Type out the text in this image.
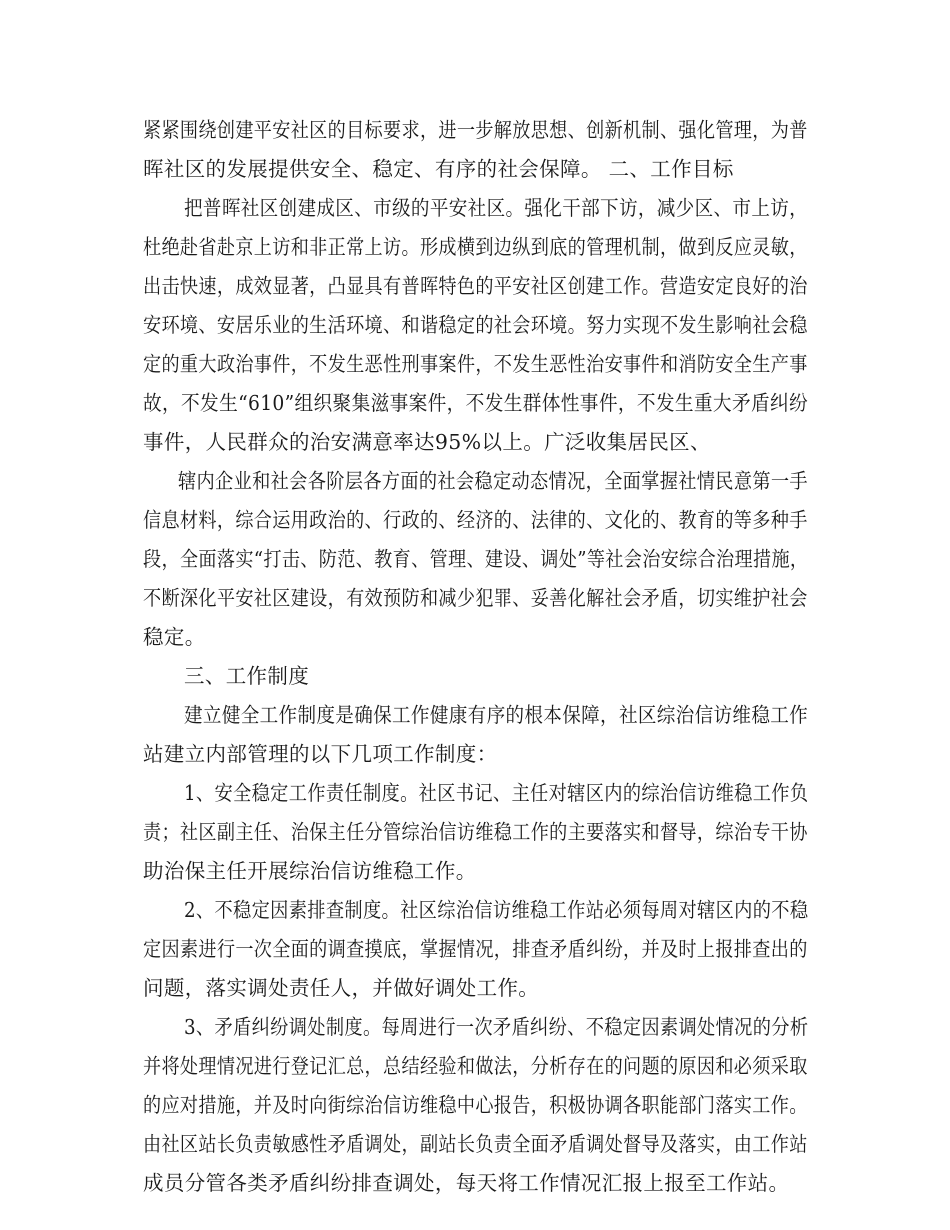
紧紧围绕创建平安社区的目标要求，进一步解放思想、创新机制、强化管理，为普
晖社区的发展提供安全、稳定、有序的社会保障。 二、工作目标
把普晖社区创建成区、市级的平安社区。强化干部下访，减少区、市上访，
杜绝赴省赴京上访和非正常上访。形成横到边纵到底的管理机制，做到反应灵敏，
出击快速，成效显著，凸显具有普晖特色的平安社区创建工作。营造安定良好的治
安环境、安居乐业的生活环境、和谐稳定的社会环境。努力实现不发生影响社会稳
定的重大政治事件，不发生恶性刑事案件，不发生恶性治安事件和消防安全生产事
故，不发生“610”组织聚集滋事案件，不发生群体性事件，不发生重大矛盾纠纷
事件，人民群众的治安满意率达95%以上。广泛收集居民区、
辖内企业和社会各阶层各方面的社会稳定动态情况，全面掌握社情民意第一手
信息材料，综合运用政治的、行政的、经济的、法律的、文化的、教育的等多种手
段，全面落实“打击、防范、教育、管理、建设、调处”等社会治安综合治理措施，
不断深化平安社区建设，有效预防和减少犯罪、妥善化解社会矛盾，切实维护社会
稳定。
三、工作制度
建立健全工作制度是确保工作健康有序的根本保障，社区综治信访维稳工作
站建立内部管理的以下几项工作制度：
1、安全稳定工作责任制度。社区书记、主任对辖区内的综治信访维稳工作负
责；社区副主任、治保主任分管综治信访维稳工作的主要落实和督导，综治专干协
助治保主任开展综治信访维稳工作。
2、不稳定因素排查制度。社区综治信访维稳工作站必须每周对辖区内的不稳
定因素进行一次全面的调查摸底，掌握情况，排查矛盾纠纷，并及时上报排查出的
问题，落实调处责任人，并做好调处工作。
3、矛盾纠纷调处制度。每周进行一次矛盾纠纷、不稳定因素调处情况的分析
并将处理情况进行登记汇总，总结经验和做法，分析存在的问题的原因和必须采取
的应对措施，并及时向街综治信访维稳中心报告，积极协调各职能部门落实工作。
由社区站长负责敏感性矛盾调处，副站长负责全面矛盾调处督导及落实，由工作站
成员分管各类矛盾纠纷排查调处，每天将工作情况汇报上报至工作站。
